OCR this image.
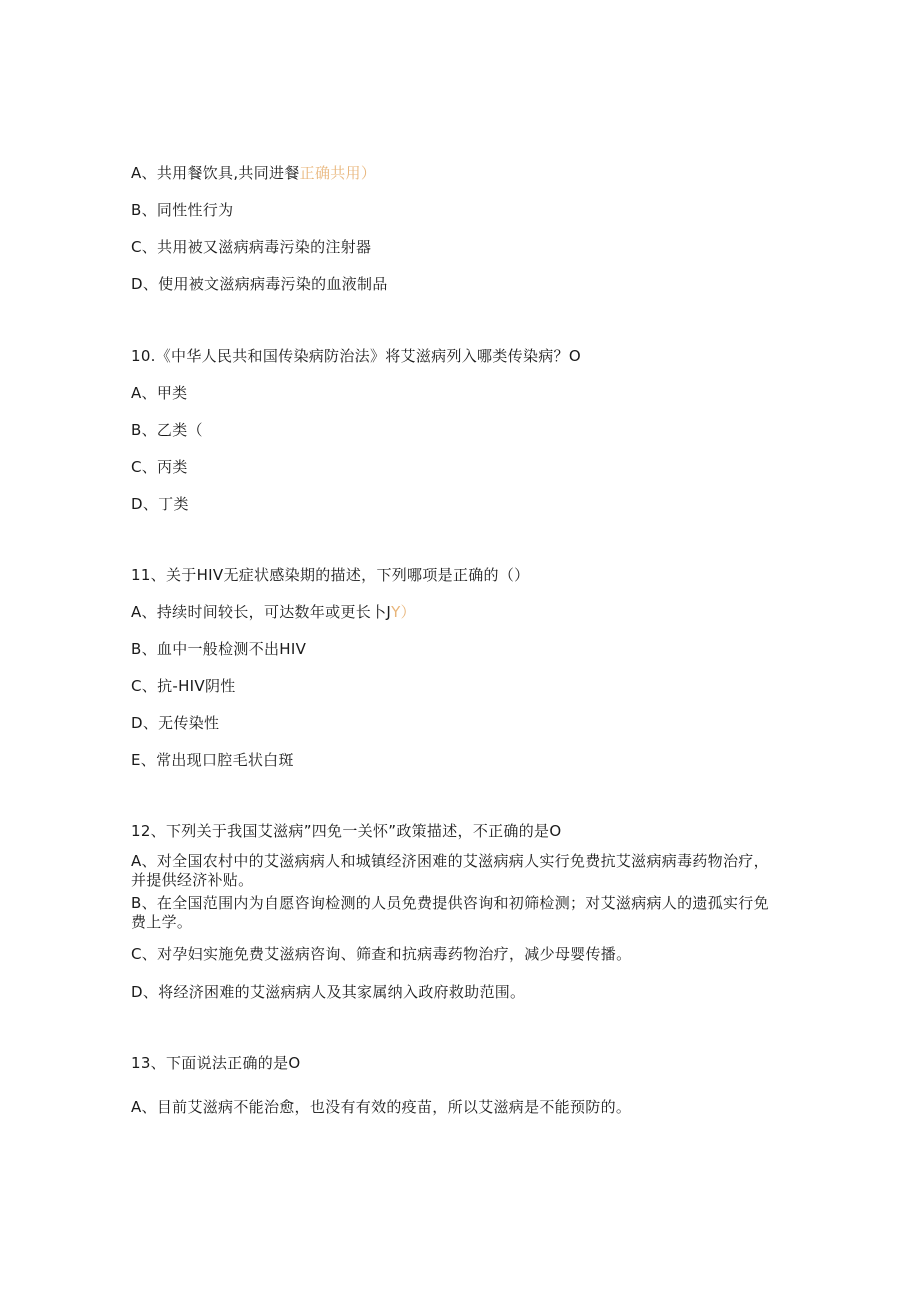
A、共用餐饮具,共同进餐正确共用）
B、同性性行为
C、共用被又滋病病毒污染的注射器
D、使用被文滋病病毒污染的血液制品
10.《中华人民共和国传染病防治法》将艾滋病列入哪类传染病？O
A、甲类
B、乙类（
C、丙类
D、丁类
11、关于HIV无症状感染期的描述，下列哪项是正确的（）
A、持续时间较长，可达数年或更长卜JY）
B、血中一般检测不出HIV
C、抗-HIV阴性
D、无传染性
E、常出现口腔毛状白斑
12、下列关于我国艾滋病”四免一关怀”政策描述，不正确的是O
A、对全国农村中的艾滋病病人和城镇经济困难的艾滋病病人实行免费抗艾滋病病毒药物治疗，并提供经济补贴。
B、在全国范围内为自愿咨询检测的人员免费提供咨询和初筛检测；对艾滋病病人的遗孤实行免费上学。
C、对孕妇实施免费艾滋病咨询、筛查和抗病毒药物治疗，减少母婴传播。
D、将经济困难的艾滋病病人及其家属纳入政府救助范围。
13、下面说法正确的是O
A、目前艾滋病不能治愈，也没有有效的疫苗，所以艾滋病是不能预防的。
